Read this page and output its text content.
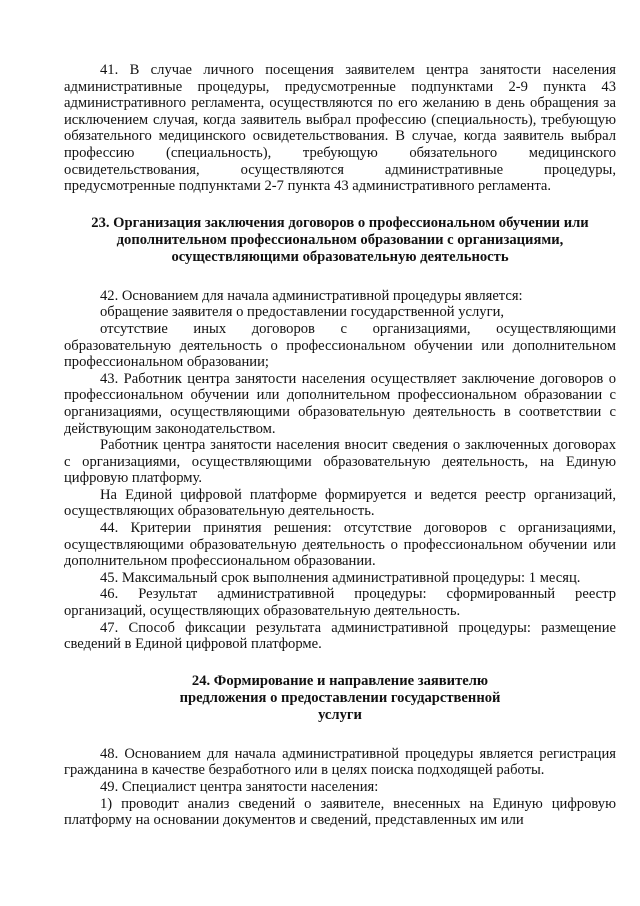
41. В случае личного посещения заявителем центра занятости населения административные процедуры, предусмотренные подпунктами 2-9 пункта 43 административного регламента, осуществляются по его желанию в день обращения за исключением случая, когда заявитель выбрал профессию (специальность), требующую обязательного медицинского освидетельствования. В случае, когда заявитель выбрал профессию (специальность), требующую обязательного медицинского освидетельствования, осуществляются административные процедуры, предусмотренные подпунктами 2-7 пункта 43 административного регламента.

23. Организация заключения договоров о профессиональном обучении или дополнительном профессиональном образовании с организациями, осуществляющими образовательную деятельность

42. Основанием для начала административной процедуры является:

обращение заявителя о предоставлении государственной услуги,

отсутствие иных договоров с организациями, осуществляющими образовательную деятельность о профессиональном обучении или дополнительном профессиональном образовании;

43. Работник центра занятости населения осуществляет заключение договоров о профессиональном обучении или дополнительном профессиональном образовании с организациями, осуществляющими образовательную деятельность в соответствии с действующим законодательством.

Работник центра занятости населения вносит сведения о заключенных договорах с организациями, осуществляющими образовательную деятельность, на Единую цифровую платформу.

На Единой цифровой платформе формируется и ведется реестр организаций, осуществляющих образовательную деятельность.

44. Критерии принятия решения: отсутствие договоров с организациями, осуществляющими образовательную деятельность о профессиональном обучении или дополнительном профессиональном образовании.

45. Максимальный срок выполнения административной процедуры: 1 месяц.

46. Результат административной процедуры: сформированный реестр организаций, осуществляющих образовательную деятельность.

47. Способ фиксации результата административной процедуры: размещение сведений в Единой цифровой платформе.

24. Формирование и направление заявителю предложения о предоставлении государственной услуги

48. Основанием для начала административной процедуры является регистрация гражданина в качестве безработного или в целях поиска подходящей работы.

49. Специалист центра занятости населения:

1) проводит анализ сведений о заявителе, внесенных на Единую цифровую платформу на основании документов и сведений, представленных им или
